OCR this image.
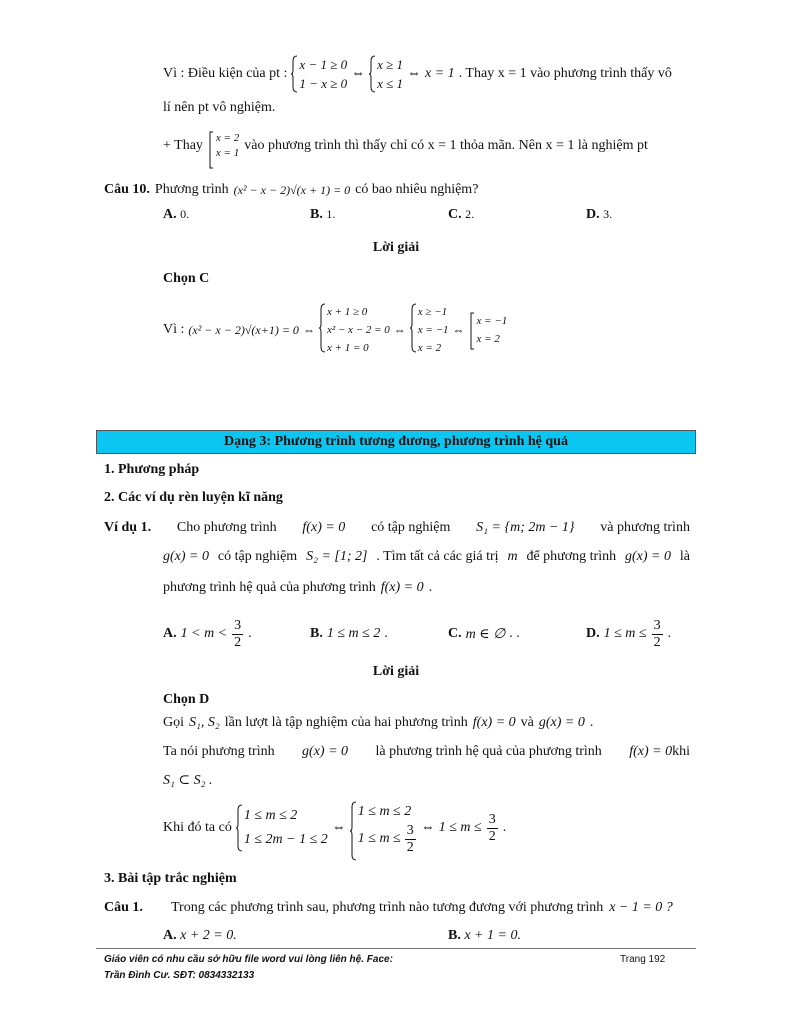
Vì : Điều kiện của pt :
x − 1 ≥ 0
1 − x ≥ 0
⇔
x ≥ 1
x ≤ 1
⇔ x = 1 . Thay x = 1 vào phương trình thấy vô
lí nên pt vô nghiệm.
+ Thay x = 2
x = 1 vào phương trình thì thấy chỉ có x = 1 thỏa mãn. Nên x = 1 là nghiệm pt
Câu 10. Phương trình (x² − x − 2)√(x + 1) = 0 có bao nhiêu nghiệm?
A. 0.	B. 1.	C. 2.	D. 3.
Lời giải
Chọn C
Vì : (x² − x − 2)√(x+1) = 0 ⇔
x + 1 ≥ 0
x² − x − 2 = 0
x + 1 = 0
⇔
x ≥ −1
x = −1
x = 2
⇔
x = −1
x = 2
Dạng 3: Phương trình tương đương, phương trình hệ quả
1. Phương pháp
2. Các ví dụ rèn luyện kĩ năng
Ví dụ 1. Cho phương trình f(x) = 0 có tập nghiệm S₁ = {m; 2m − 1} và phương trình
g(x) = 0 có tập nghiệm S₂ = [1; 2] . Tìm tất cả các giá trị m để phương trình g(x) = 0 là
phương trình hệ quả của phương trình f(x) = 0 .
A. $1 < m < \frac{3}{2}$ .	B. 1 ≤ m ≤ 2 .	C. m ∈ ∅ . .	D. $1 \le m \le \frac{3}{2}$ .
Lời giải
Chọn D
Gọi S₁, S₂ lần lượt là tập nghiệm của hai phương trình f(x) = 0 và g(x) = 0 .
Ta nói phương trình g(x) = 0 là phương trình hệ quả của phương trình f(x) = 0khi
S₁ ⊂ S₂ .
Khi đó ta có
1 ≤ m ≤ 2
1 ≤ 2m − 1 ≤ 2
⇔
1 ≤ m ≤ 2
$1 \le m \le \frac{3}{2}$ ⇔ $1 \le m \le \frac{3}{2}$ .
3. Bài tập trắc nghiệm
Câu 1.	Trong các phương trình sau, phương trình nào tương đương với phương trình x − 1 = 0 ?
A. x + 2 = 0.	B. x + 1 = 0.
Giáo viên có nhu cầu sở hữu file word vui lòng liên hệ. Face:
Trần Đình Cư. SĐT: 0834332133
Trang 192
